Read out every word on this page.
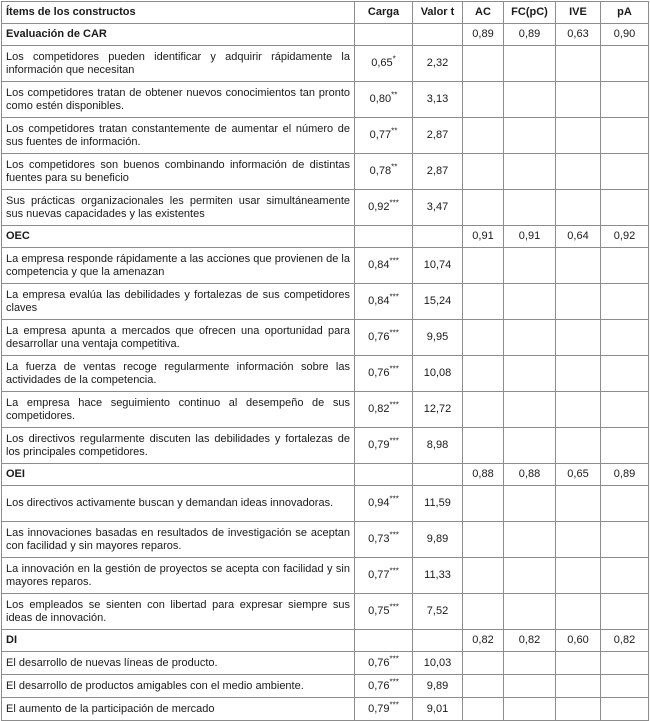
Ítems de los constructos	Carga	Valor t	AC	FC(pC)	IVE	pA
Evaluación de CAR			0,89	0,89	0,63	0,90
Los competidores pueden identificar y adquirir rápidamente la información que necesitan	0,65*	2,32				
Los competidores tratan de obtener nuevos conocimientos tan pronto como estén disponibles.	0,80**	3,13				
Los competidores tratan constantemente de aumentar el número de sus fuentes de información.	0,77**	2,87				
Los competidores son buenos combinando información de distintas fuentes para su beneficio	0,78**	2,87				
Sus prácticas organizacionales les permiten usar simultáneamente sus nuevas capacidades y las existentes	0,92***	3,47				
OEC			0,91	0,91	0,64	0,92
La empresa responde rápidamente a las acciones que provienen de la competencia y que la amenazan	0,84***	10,74				
La empresa evalúa las debilidades y fortalezas de sus competidores claves	0,84***	15,24				
La empresa apunta a mercados que ofrecen una oportunidad para desarrollar una ventaja competitiva.	0,76***	9,95				
La fuerza de ventas recoge regularmente información sobre las actividades de la competencia.	0,76***	10,08				
La empresa hace seguimiento continuo al desempeño de sus competidores.	0,82***	12,72				
Los directivos regularmente discuten las debilidades y fortalezas de los principales competidores.	0,79***	8,98				
OEI			0,88	0,88	0,65	0,89
Los directivos activamente buscan y demandan ideas innovadoras.	0,94***	11,59				
Las innovaciones basadas en resultados de investigación se aceptan con facilidad y sin mayores reparos.	0,73***	9,89				
La innovación en la gestión de proyectos se acepta con facilidad y sin mayores reparos.	0,77***	11,33				
Los empleados se sienten con libertad para expresar siempre sus ideas de innovación.	0,75***	7,52				
DI			0,82	0,82	0,60	0,82
El desarrollo de nuevas líneas de producto.	0,76***	10,03				
El desarrollo de productos amigables con el medio ambiente.	0,76***	9,89				
El aumento de la participación de mercado	0,79***	9,01				
